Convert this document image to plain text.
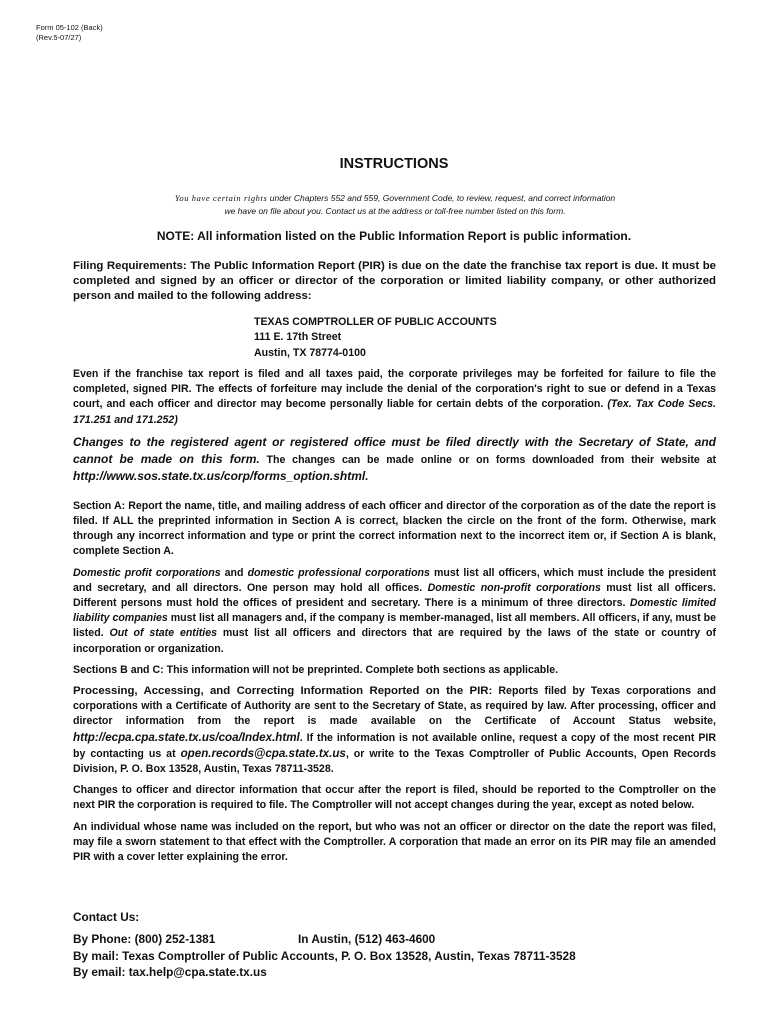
Form 05-102 (Back)
(Rev.5-07/27)
INSTRUCTIONS
You have certain rights under Chapters 552 and 559, Government Code, to review, request, and correct information
we have on file about you. Contact us at the address or toll-free number listed on this form.
NOTE: All information listed on the Public Information Report is public information.

Filing Requirements: The Public Information Report (PIR) is due on the date the franchise tax report is due. It must be completed and signed by an officer or director of the corporation or limited liability company, or other authorized person and mailed to the following address:

TEXAS COMPTROLLER OF PUBLIC ACCOUNTS
111 E. 17th Street
Austin, TX 78774-0100

Even if the franchise tax report is filed and all taxes paid, the corporate privileges may be forfeited for failure to file the completed, signed PIR. The effects of forfeiture may include the denial of the corporation's right to sue or defend in a Texas court, and each officer and director may become personally liable for certain debts of the corporation. (Tex. Tax Code Secs. 171.251 and 171.252)

Changes to the registered agent or registered office must be filed directly with the Secretary of State, and cannot be made on this form. The changes can be made online or on forms downloaded from their website at http://www.sos.state.tx.us/corp/forms_option.shtml.

Section A: Report the name, title, and mailing address of each officer and director of the corporation as of the date the report is filed. If ALL the preprinted information in Section A is correct, blacken the circle on the front of the form. Otherwise, mark through any incorrect information and type or print the correct information next to the incorrect item or, if Section A is blank, complete Section A.

Domestic profit corporations and domestic professional corporations must list all officers, which must include the president and secretary, and all directors. One person may hold all offices. Domestic non-profit corporations must list all officers. Different persons must hold the offices of president and secretary. There is a minimum of three directors. Domestic limited liability companies must list all managers and, if the company is member-managed, list all members. All officers, if any, must be listed. Out of state entities must list all officers and directors that are required by the laws of the state or country of incorporation or organization.

Sections B and C: This information will not be preprinted. Complete both sections as applicable.

Processing, Accessing, and Correcting Information Reported on the PIR: Reports filed by Texas corporations and corporations with a Certificate of Authority are sent to the Secretary of State, as required by law. After processing, officer and director information from the report is made available on the Certificate of Account Status website, http://ecpa.cpa.state.tx.us/coa/Index.html. If the information is not available online, request a copy of the most recent PIR by contacting us at open.records@cpa.state.tx.us, or write to the Texas Comptroller of Public Accounts, Open Records Division, P. O. Box 13528, Austin, Texas 78711-3528.

Changes to officer and director information that occur after the report is filed, should be reported to the Comptroller on the next PIR the corporation is required to file. The Comptroller will not accept changes during the year, except as noted below.

An individual whose name was included on the report, but who was not an officer or director on the date the report was filed, may file a sworn statement to that effect with the Comptroller. A corporation that made an error on its PIR may file an amended PIR with a cover letter explaining the error.

Contact Us:
By Phone: (800) 252-1381	In Austin, (512) 463-4600
By mail: Texas Comptroller of Public Accounts, P. O. Box 13528, Austin, Texas 78711-3528
By email: tax.help@cpa.state.tx.us
